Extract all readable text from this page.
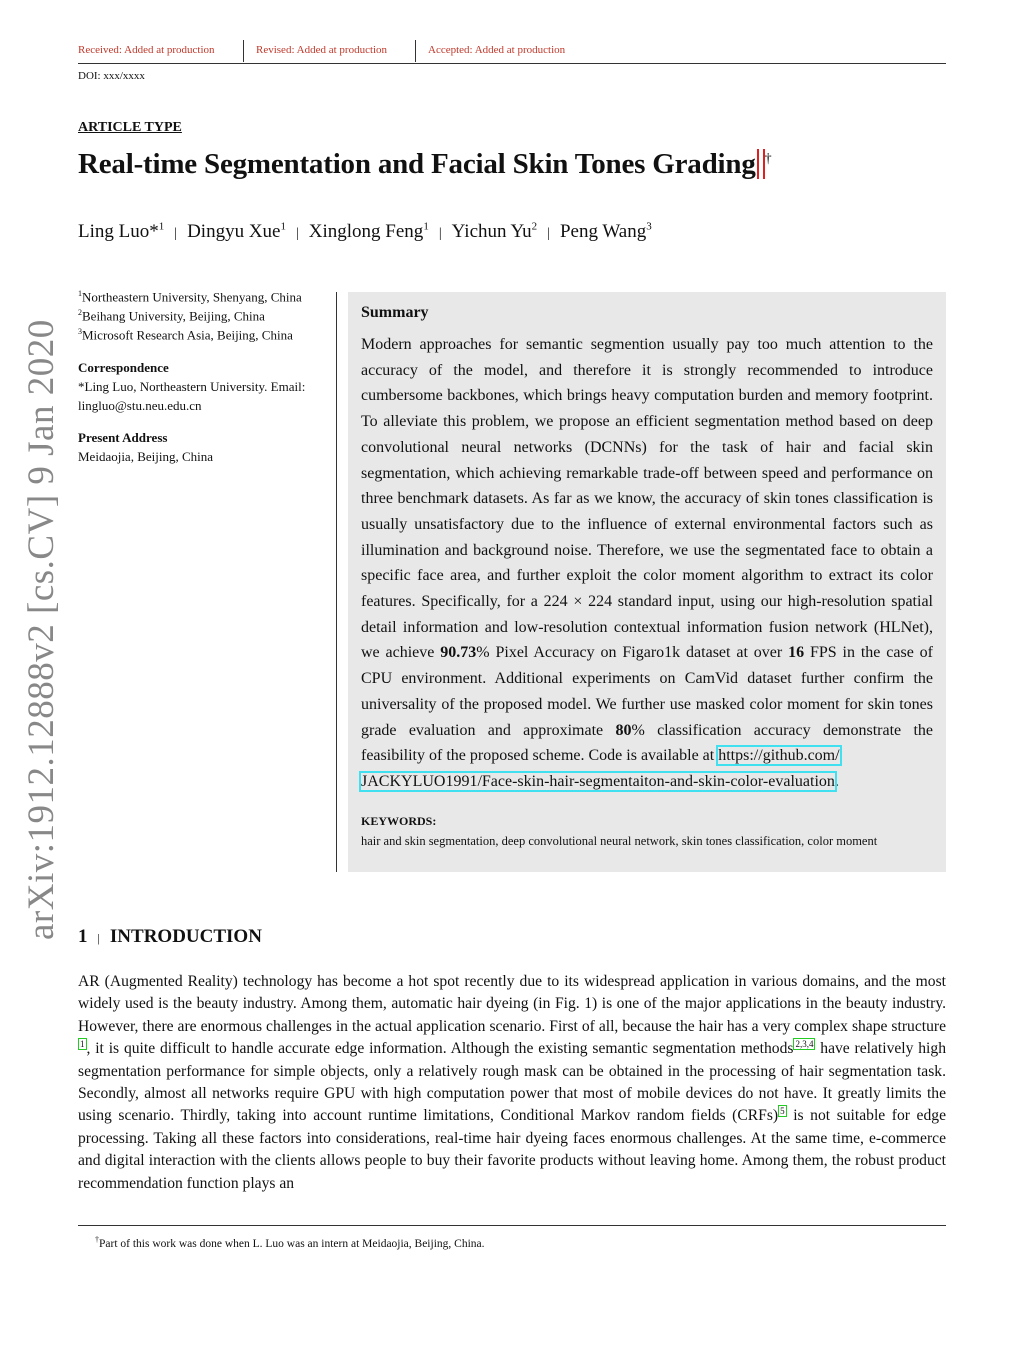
Received: Added at production	Revised: Added at production	Accepted: Added at production
DOI: xxx/xxxx
ARTICLE TYPE
Real-time Segmentation and Facial Skin Tones Grading †
Ling Luo*$^1$ | Dingyu Xue$^1$ | Xinglong Feng$^1$ | Yichun Yu$^2$ | Peng Wang$^3$
$^1$Northeastern University, Shenyang, China
$^2$Beihang University, Beijing, China
$^3$Microsoft Research Asia, Beijing, China
Correspondence
*Ling Luo, Northeastern University. Email:
lingluo@stu.neu.edu.cn
Present Address
Meidaojia, Beijing, China
Summary
Modern approaches for semantic segmention usually pay too much attention to the accuracy of the model, and therefore it is strongly recommended to introduce cumbersome backbones, which brings heavy computation burden and memory footprint. To alleviate this problem, we propose an efficient segmentation method based on deep convolutional neural networks (DCNNs) for the task of hair and facial skin segmentation, which achieving remarkable trade-off between speed and performance on three benchmark datasets. As far as we know, the accuracy of skin tones classification is usually unsatisfactory due to the influence of external environmental factors such as illumination and background noise. Therefore, we use the segmentated face to obtain a specific face area, and further exploit the color moment algorithm to extract its color features. Specifically, for a 224 × 224 standard input, using our high-resolution spatial detail information and low-resolution contextual information fusion network (HLNet), we achieve 90.73% Pixel Accuracy on Figaro1k dataset at over 16 FPS in the case of CPU environment. Additional experiments on CamVid dataset further confirm the universality of the proposed model. We further use masked color moment for skin tones grade evaluation and approximate 80% classification accuracy demonstrate the feasibility of the proposed scheme. Code is available at https://github.com/
JACKYLUO1991/Face-skin-hair-segmentaiton-and-skin-color-evaluation.
KEYWORDS:
hair and skin segmentation, deep convolutional neural network, skin tones classification, color moment
arXiv:1912.12888v2 [cs.CV] 9 Jan 2020 1 | INTRODUCTION
AR (Augmented Reality) technology has become a hot spot recently due to its widespread application in various domains, and the most widely used is the beauty industry. Among them, automatic hair dyeing (in Fig. 1) is one of the major applications in the beauty industry. However, there are enormous challenges in the actual application scenario. First of all, because the hair has a very complex shape structure1 , it is quite difficult to handle accurate edge information. Although the existing semantic segmentation methods 2,3,4 have relatively high segmentation performance for simple objects, only a relatively rough mask can be obtained in the processing of hair segmentation task. Secondly, almost all networks require GPU with high computation power that most of mobile devices do not have. It greatly limits the using scenario. Thirdly, taking into account runtime limitations, Conditional Markov random fields (CRFs) 5 is not suitable for edge processing. Taking all these factors into considerations, real-time hair dyeing faces enormous challenges. At the same time, e-commerce and digital interaction with the clients allows people to buy their favorite products without leaving home. Among them, the robust product recommendation function plays an
†Part of this work was done when L. Luo was an intern at Meidaojia, Beijing, China.
